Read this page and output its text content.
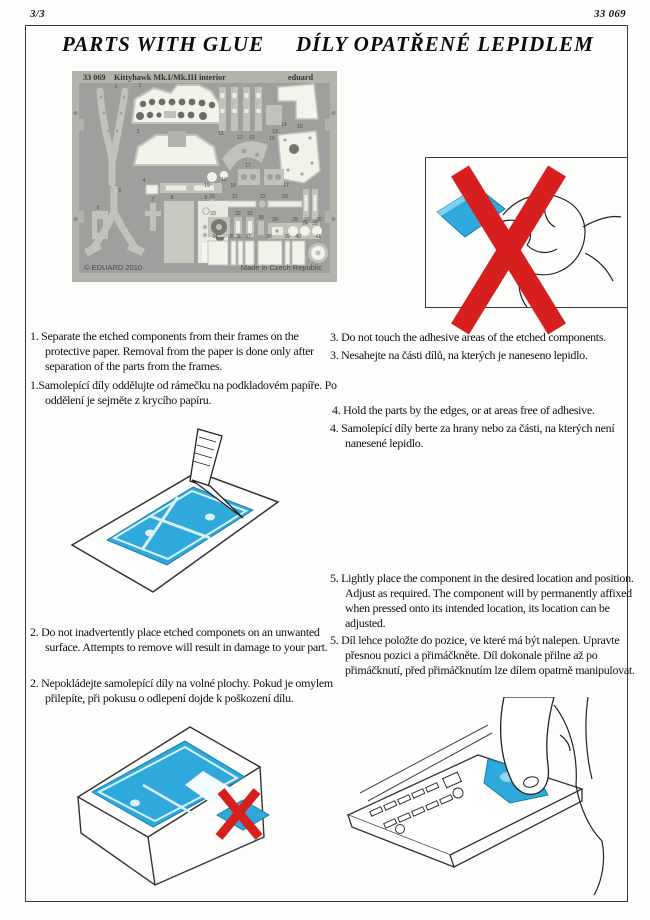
3/3	33 069
PARTS WITH GLUE DÍLY OPATŘENÉ LEPIDLEM
33 069 Kittyhawk Mk.I/Mk.III interior	eduard
1	2
3
4
5
6
7	8
9
10
11
12 12
13
14 15
16
17
17
18
19
20	21	22	23
24 25
26
27
28
29
30
31
32
33
34 35 36 37	38 39 40	41
© EDUARD 2010	Made in Czech Republic
1. Separate the etched components from their frames on the protective paper. Removal from the paper is done only after separation of the parts from the frames.
1.Samolepící díly oddělujte od rámečku na podkladovém papíře. Po oddělení je sejměte z krycího papíru.
2. Do not inadvertently place etched componets on an unwanted surface. Attempts to remove will result in damage to your part.
2. Nepokládejte samolepící díly na volné plochy. Pokud je omylem přilepíte, při pokusu o odlepení dojde k poškození dílu.
3. Do not touch the adhesive areas of the etched components.
3. Nesahejte na části dílů, na kterých je naneseno lepidlo.
4. Hold the parts by the edges, or at areas free of adhesive.
4. Samolepící díly berte za hrany nebo za části, na kterých není nanesené lepidlo.
5. Lightly place the component in the desired location and position. Adjust as required. The component will by permanently affixed when pressed onto its intended location, its location can be adjusted.
5. Díl lehce položte do pozice, ve které má být nalepen. Upravte přesnou pozici a přimáčkněte. Díl dokonale přilne až po přimáčknutí, před přimáčknutím lze dílem opatrně manipulovat.
